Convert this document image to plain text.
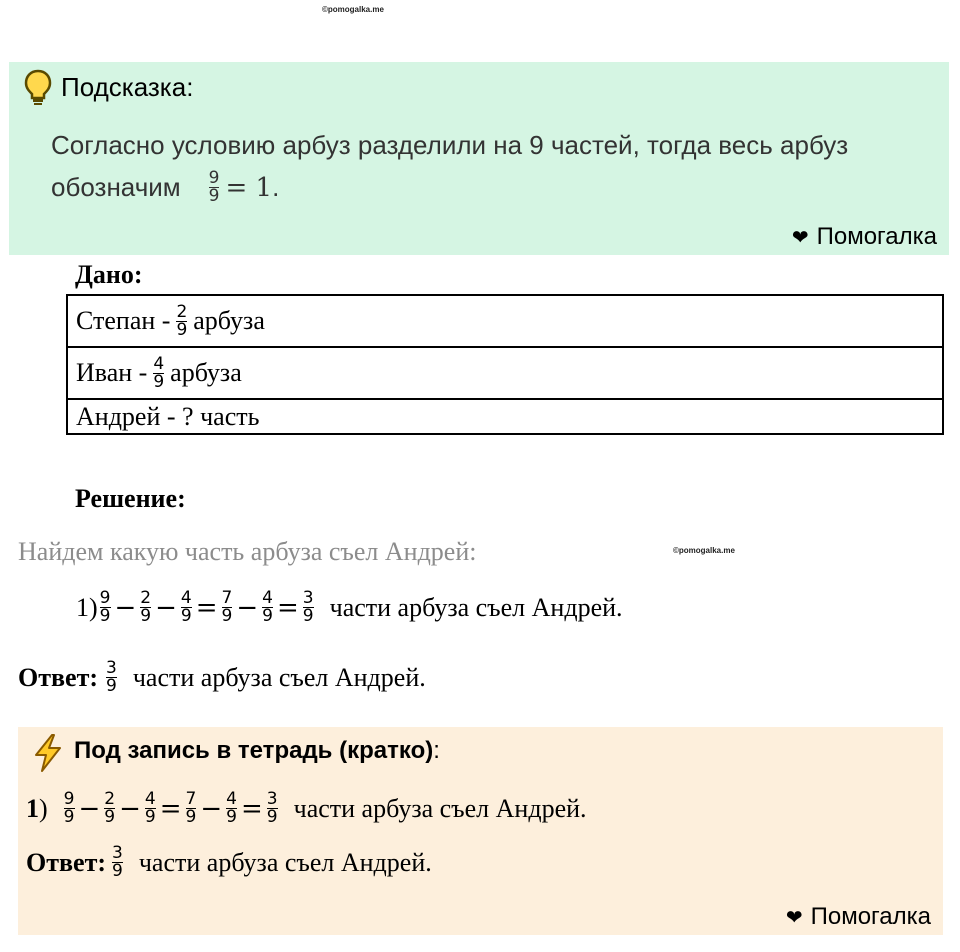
©pomogalka.me
Подсказка:
Согласно условию арбуз разделили на 9 частей, тогда весь арбуз
обозначим $\frac{9}{9} = 1$ .
❤ Помогалка
Дано:
Степан - $\frac{2}{9}$ арбуза

Иван - $\frac{4}{9}$ арбуза

Андрей - ? часть
Решение:
Найдем какую часть арбуза съел Андрей:	©pomogalka.me
$1) \frac{9}{9} - \frac{2}{9} - \frac{4}{9} = \frac{7}{9} - \frac{4}{9} = \frac{3}{9}$ части арбуза съел Андрей.
Ответ: $\frac{3}{9}$ части арбуза съел Андрей.
Под запись в тетрадь (кратко):
1 ) $\frac{9}{9} - \frac{2}{9} - \frac{4}{9} = \frac{7}{9} - \frac{4}{9} = \frac{3}{9}$ части арбуза съел Андрей.
Ответ: $\frac{3}{9}$ части арбуза съел Андрей.
❤ Помогалка
